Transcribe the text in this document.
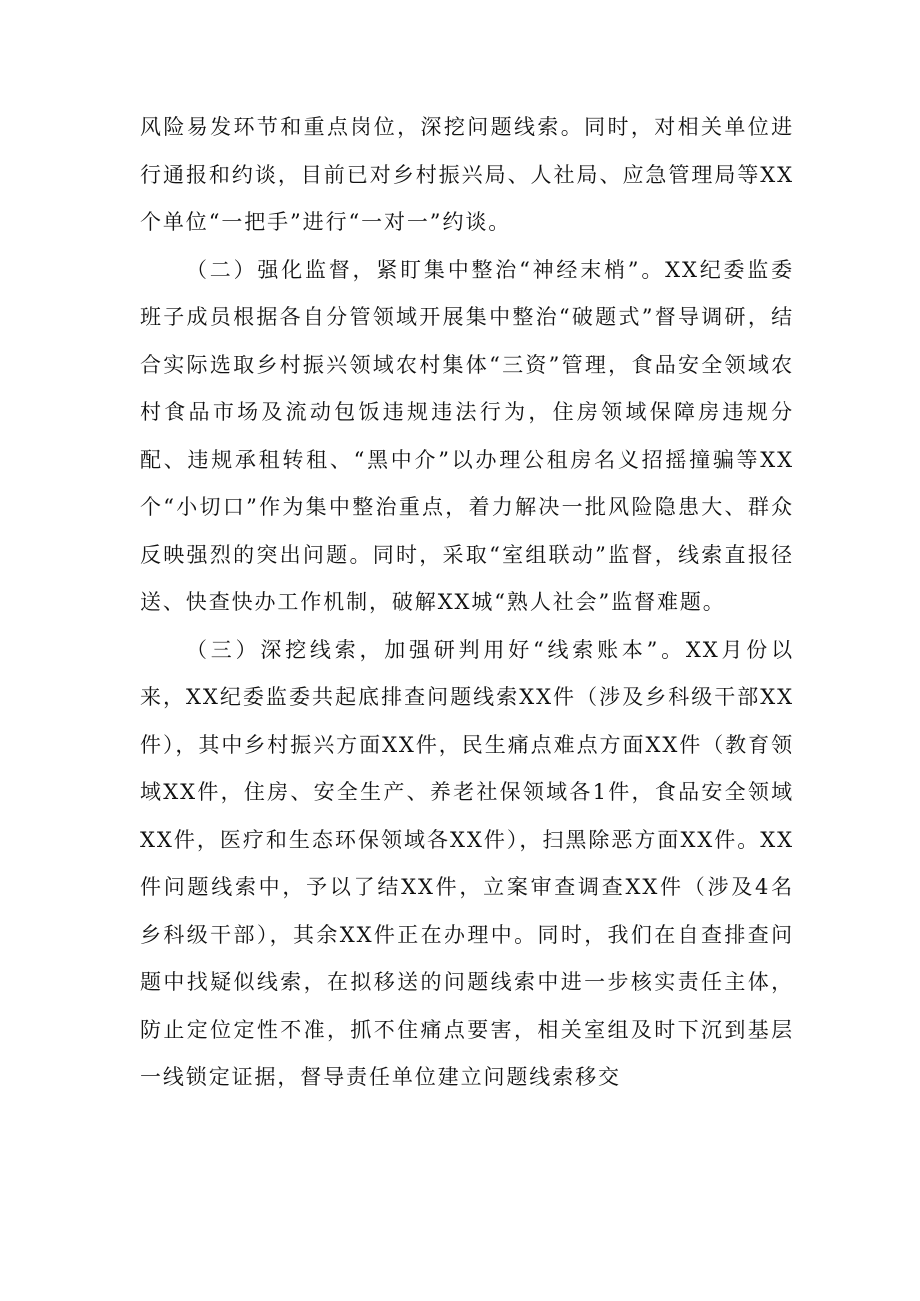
风险易发环节和重点岗位，深挖问题线索。同时，对相关单位进行通报和约谈，目前已对乡村振兴局、人社局、应急管理局等XX个单位“一把手”进行“一对一”约谈。

（二）强化监督，紧盯集中整治“神经末梢”。XX纪委监委班子成员根据各自分管领域开展集中整治“破题式”督导调研，结合实际选取乡村振兴领域农村集体“三资”管理，食品安全领域农村食品市场及流动包饭违规违法行为，住房领域保障房违规分配、违规承租转租、“黑中介”以办理公租房名义招摇撞骗等XX个“小切口”作为集中整治重点，着力解决一批风险隐患大、群众反映强烈的突出问题。同时，采取“室组联动”监督，线索直报径送、快查快办工作机制，破解XX城“熟人社会”监督难题。

（三）深挖线索，加强研判用好“线索账本”。XX月份以来，XX纪委监委共起底排查问题线索XX件（涉及乡科级干部XX件），其中乡村振兴方面XX件，民生痛点难点方面XX件（教育领域XX件，住房、安全生产、养老社保领域各1件，食品安全领域XX件，医疗和生态环保领域各XX件），扫黑除恶方面XX件。XX件问题线索中，予以了结XX件，立案审查调查XX件（涉及4名乡科级干部），其余XX件正在办理中。同时，我们在自查排查问题中找疑似线索，在拟移送的问题线索中进一步核实责任主体，防止定位定性不准，抓不住痛点要害，相关室组及时下沉到基层一线锁定证据，督导责任单位建立问题线索移交
